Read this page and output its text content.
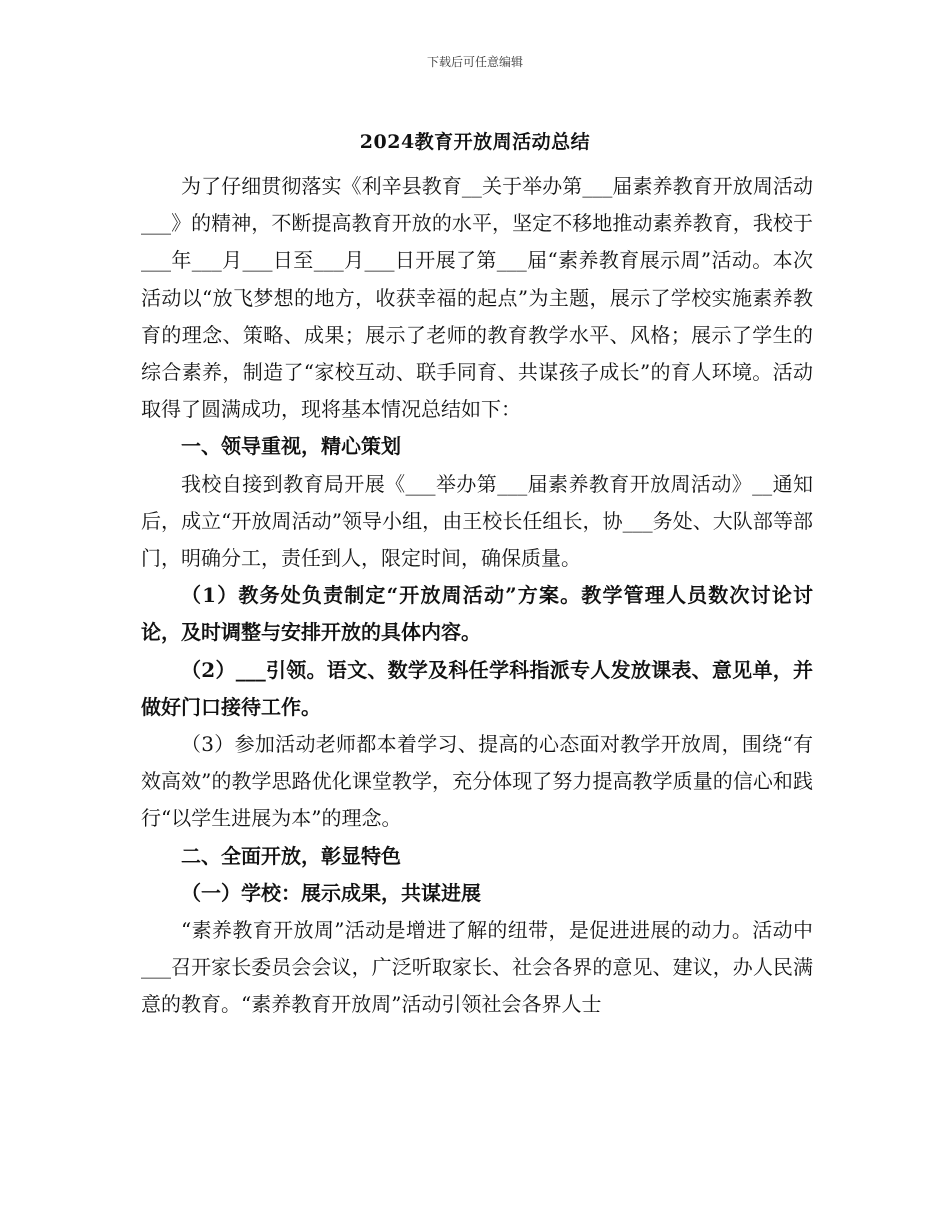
下载后可任意编辑
2024教育开放周活动总结

为了仔细贯彻落实《利辛县教育__关于举办第___届素养教育开放周活动___》的精神，不断提高教育开放的水平，坚定不移地推动素养教育，我校于___年___月___日至___月___日开展了第___届“素养教育展示周”活动。本次活动以“放飞梦想的地方，收获幸福的起点”为主题，展示了学校实施素养教育的理念、策略、成果；展示了老师的教育教学水平、风格；展示了学生的综合素养，制造了“家校互动、联手同育、共谋孩子成长”的育人环境。活动取得了圆满成功，现将基本情况总结如下：

一、领导重视，精心策划

我校自接到教育局开展《___举办第___届素养教育开放周活动》__通知后，成立“开放周活动”领导小组，由王校长任组长，协___务处、大队部等部门，明确分工，责任到人，限定时间，确保质量。

（1）教务处负责制定“开放周活动”方案。教学管理人员数次讨论讨论，及时调整与安排开放的具体内容。

（2）___引领。语文、数学及科任学科指派专人发放课表、意见单，并做好门口接待工作。

（3）参加活动老师都本着学习、提高的心态面对教学开放周，围绕“有效高效”的教学思路优化课堂教学，充分体现了努力提高教学质量的信心和践行“以学生进展为本”的理念。

二、全面开放，彰显特色

（一）学校：展示成果，共谋进展

“素养教育开放周”活动是增进了解的纽带，是促进进展的动力。活动中___召开家长委员会会议，广泛听取家长、社会各界的意见、建议，办人民满意的教育。“素养教育开放周”活动引领社会各界人士
